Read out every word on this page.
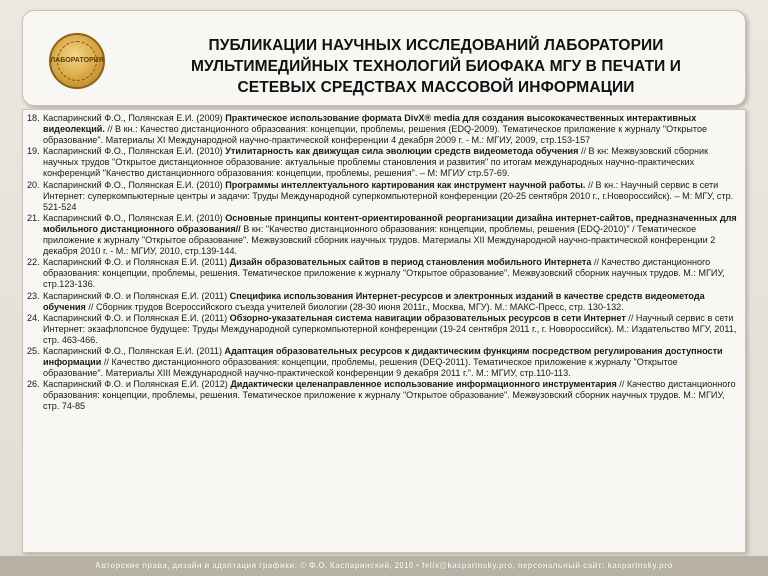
ЛАБОРАТОРИЯ
ПУБЛИКАЦИИ НАУЧНЫХ ИССЛЕДОВАНИЙ ЛАБОРАТОРИИ
МУЛЬТИМЕДИЙНЫХ ТЕХНОЛОГИЙ БИОФАКА МГУ В ПЕЧАТИ И
СЕТЕВЫХ СРЕДСТВАХ МАССОВОЙ ИНФОРМАЦИИ
18. Каспаринский Ф.О., Полянская Е.И. (2009) Практическое использование формата DivX® media для создания высококачественных интерактивных видеолекций. // В кн.: Качество дистанционного образования: концепции, проблемы, решения (EDQ-2009). Тематическое приложение к журналу "Открытое образование". Материалы XI Международной научно-практической конференции 4 декабря 2009 г. - М.: МГИУ, 2009, стр.153-157
19. Каспаринский Ф.О., Полянская Е.И. (2010) Утилитарность как движущая сила эволюции средств видеометода обучения // В кн: Межвузовский сборник научных трудов "Открытое дистанционное образование: актуальные проблемы становления и развития" по итогам международных научно-практических конференций "Качество дистанционного образования: концепции, проблемы, решения". – М: МГИУ стр.57-69.
20. Каспаринский Ф.О., Полянская Е.И. (2010) Программы интеллектуального картирования как инструмент научной работы. // В кн.: Научный сервис в сети Интернет: суперкомпьютерные центры и задачи: Труды Международной суперкомпьютерной конференции (20-25 сентября 2010 г., г.Новороссийск). – М: МГУ, стр. 521-524
21. Каспаринский Ф.О., Полянская Е.И. (2010) Основные принципы контент-ориентированной реорганизации дизайна интернет-сайтов, предназначенных для мобильного дистанционного образования// В кн: "Качество дистанционного образования: концепции, проблемы, решения (EDQ-2010)" / Тематическое приложение к журналу "Открытое образование". Межвузовский сборник научных трудов. Материалы XII Международной научно-практической конференции 2 декабря 2010 г. - М.: МГИУ, 2010, стр.139-144.
22. Каспаринский Ф.О. и Полянская Е.И. (2011) Дизайн образовательных сайтов в период становления мобильного Интернета // Качество дистанционного образования: концепции, проблемы, решения. Тематическое приложение к журналу "Открытое образование". Межвузовский сборник научных трудов. М.: МГИУ, стр.123-136.
23. Каспаринский Ф.О. и Полянская Е.И. (2011) Специфика использования Интернет-ресурсов и электронных изданий в качестве средств видеометода обучения // Сборник трудов Всероссийского съезда учителей биологии (28-30 июня 2011г., Москва, МГУ). М.: МАКС-Пресс, стр. 130-132.
24. Каспаринский Ф.О. и Полянская Е.И. (2011) Обзорно-указательная система навигации образовательных ресурсов в сети Интернет // Научный сервис в сети Интернет: экзафлопсное будущее: Труды Международной суперкомпьютерной конференции (19-24 сентября 2011 г., г. Новороссийск). М.: Издательство МГУ, 2011, стр. 463-466.
25. Каспаринский Ф.О., Полянская Е.И. (2011) Адаптация образовательных ресурсов к дидактическим функциям посредством регулирования доступности информации // Качество дистанционного образования: концепции, проблемы, решения (DEQ-2011). Тематическое приложение к журналу "Открытое образование". Материалы XIII Международной научно-практической конференции 9 декабря 2011 г.". М.: МГИУ, стр.110-113.
26. Каспаринский Ф.О. и Полянская Е.И. (2012) Дидактически целенаправленное использование информационного инструментария // Качество дистанционного образования: концепции, проблемы, решения. Тематическое приложение к журналу "Открытое образование". Межвузовский сборник научных трудов. М.: МГИУ, стр. 74-85
Авторские права, дизайн и адаптация графики: © Ф.О. Каспаринский, 2010 • felix@kasparinsky.pro, персональный сайт: kasparinsky.pro
